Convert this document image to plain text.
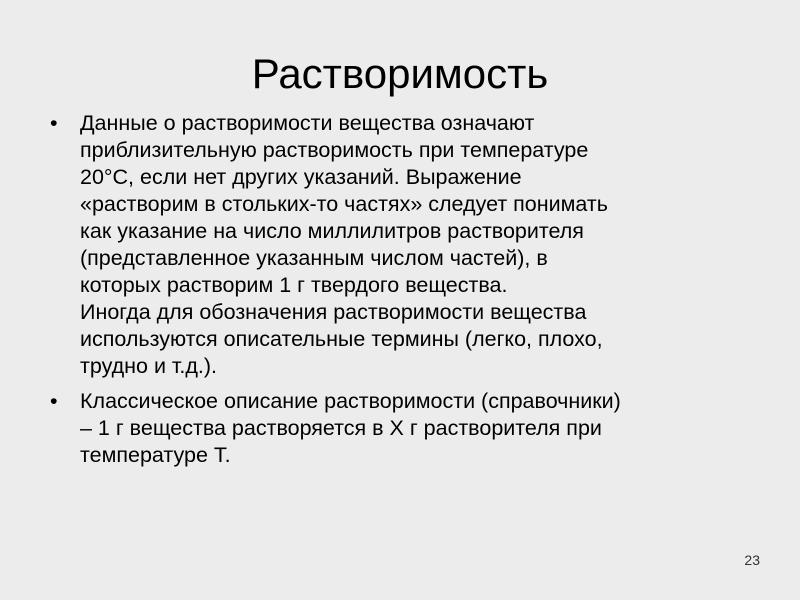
Растворимость
• Данные о растворимости вещества означают
приблизительную растворимость при температуре
20°С, если нет других указаний. Выражение
«растворим в стольких-то частях» следует понимать
как указание на число миллилитров растворителя
(представленное указанным числом частей), в
которых растворим 1 г твердого вещества.
Иногда для обозначения растворимости вещества
используются описательные термины (легко, плохо,
трудно и т.д.).
• Классическое описание растворимости (справочники)
– 1 г вещества растворяется в Х г растворителя при
температуре Т.
23
